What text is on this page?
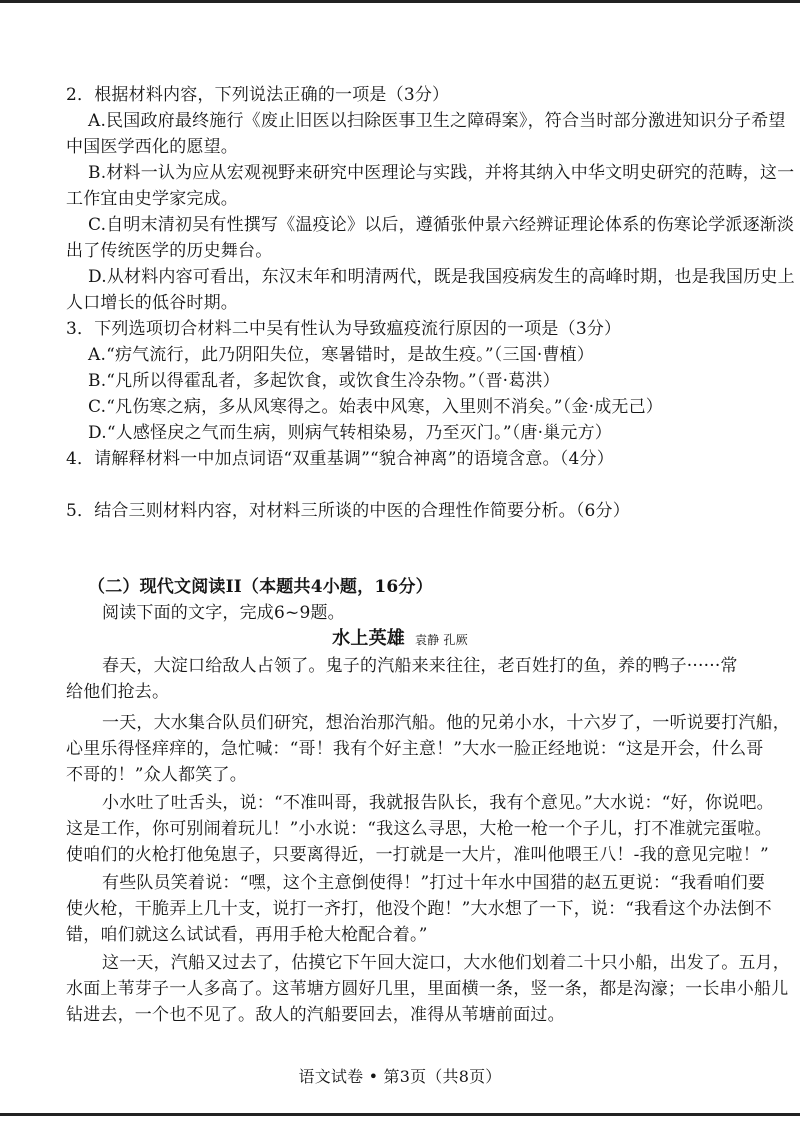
2．根据材料内容，下列说法正确的一项是（3分）
A.民国政府最终施行《废止旧医以扫除医事卫生之障碍案》，符合当时部分激进知识分子希望
中国医学西化的愿望。
B.材料一认为应从宏观视野来研究中医理论与实践，并将其纳入中华文明史研究的范畴，这一
工作宜由史学家完成。
C.自明末清初吴有性撰写《温疫论》以后，遵循张仲景六经辨证理论体系的伤寒论学派逐渐淡
出了传统医学的历史舞台。
D.从材料内容可看出，东汉末年和明清两代，既是我国疫病发生的高峰时期，也是我国历史上
人口增长的低谷时期。
3．下列选项切合材料二中吴有性认为导致瘟疫流行原因的一项是（3分）
A.“疠气流行，此乃阴阳失位，寒暑错时，是故生疫。”（三国·曹植）
B.“凡所以得霍乱者，多起饮食，或饮食生冷杂物。”（晋·葛洪）
C.“凡伤寒之病，多从风寒得之。始表中风寒，入里则不消矣。”（金·成无己）
D.“人感怪戾之气而生病，则病气转相染易，乃至灭门。”（唐·巢元方）
4．请解释材料一中加点词语“双重基调”“貌合神离”的语境含意。（4分）
5．结合三则材料内容，对材料三所谈的中医的合理性作简要分析。（6分）
（二）现代文阅读II（本题共4小题，16分）
阅读下面的文字，完成6~9题。
水上英雄 袁静 孔厥
春天，大淀口给敌人占领了。鬼子的汽船来来往往，老百姓打的鱼，养的鸭子······常
给他们抢去。
一天，大水集合队员们研究，想治治那汽船。他的兄弟小水，十六岁了，一听说要打汽船，
心里乐得怪痒痒的，急忙喊：“哥！我有个好主意！”大水一脸正经地说：“这是开会，什么哥
不哥的！”众人都笑了。
小水吐了吐舌头，说：“不准叫哥，我就报告队长，我有个意见。”大水说：“好，你说吧。
这是工作，你可别闹着玩儿！”小水说：“我这么寻思，大枪一枪一个子儿，打不准就完蛋啦。
使咱们的火枪打他兔崽子，只要离得近，一打就是一大片，准叫他喂王八！-我的意见完啦！”
有些队员笑着说：“嘿，这个主意倒使得！”打过十年水中国猎的赵五更说：“我看咱们要
使火枪，干脆弄上几十支，说打一齐打，他没个跑！”大水想了一下，说：“我看这个办法倒不
错，咱们就这么试试看，再用手枪大枪配合着。”
这一天，汽船又过去了，估摸它下午回大淀口，大水他们划着二十只小船，出发了。五月，
水面上苇芽子一人多高了。这苇塘方圆好几里，里面横一条，竖一条，都是沟濠；一长串小船儿
钻进去，一个也不见了。敌人的汽船要回去，准得从苇塘前面过。
语文试卷 • 第3页（共8页）
